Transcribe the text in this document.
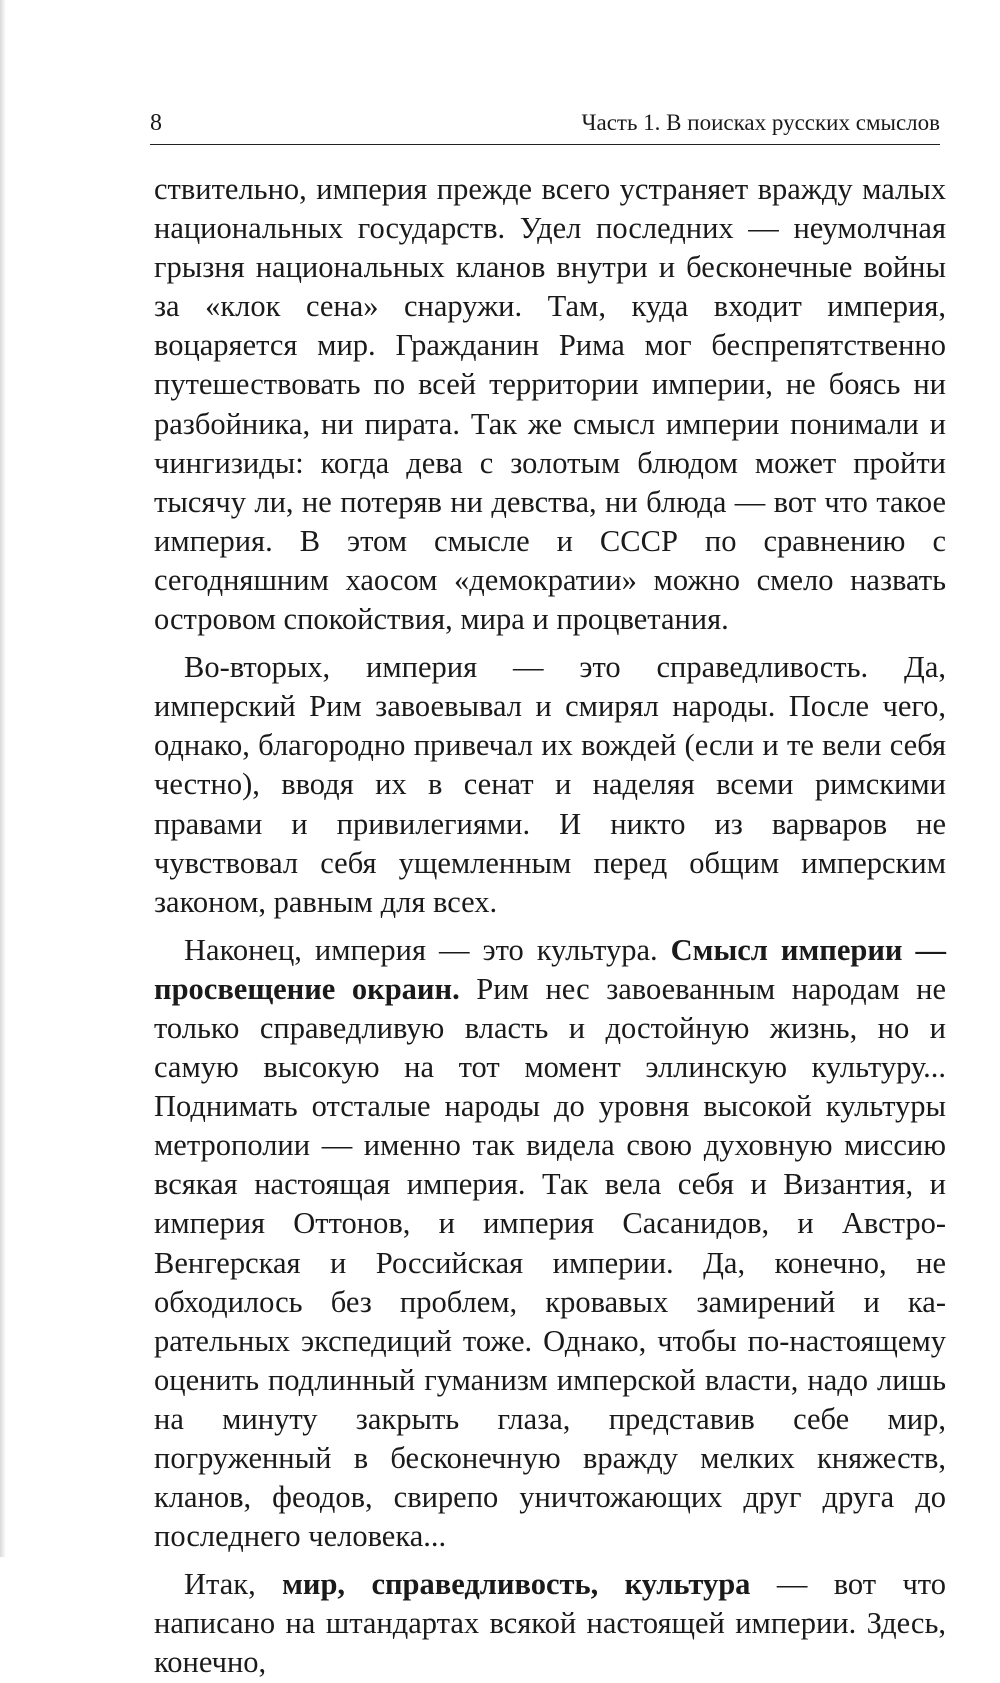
8	Часть 1. В поисках русских смыслов

ствительно, империя прежде всего устраняет вражду малых национальных государств. Удел последних — неумолчная грызня национальных кланов внутри и бесконечные войны за «клок сена» снаружи. Там, куда входит империя, воцаряется мир. Гражданин Рима мог беспрепятственно путешествовать по всей территории империи, не боясь ни разбойника, ни пирата. Так же смысл империи понимали и чингизиды: когда дева с золотым блюдом может пройти тысячу ли, не потеряв ни девства, ни блюда — вот что такое империя. В этом смысле и СССР по сравнению с сегодняшним хаосом «демократии» можно смело назвать островом спокойствия, мира и процветания.

Во-вторых, империя — это справедливость. Да, имперский Рим завоевывал и смирял народы. После чего, однако, благородно привечал их вождей (если и те вели себя честно), вводя их в сенат и наделяя всеми римскими правами и привилегиями. И никто из варваров не чувствовал себя ущемленным перед общим имперским законом, равным для всех.

Наконец, империя — это культура. Смысл империи — просвещение окраин. Рим нес завоеванным народам не только справедливую власть и достойную жизнь, но и самую высокую на тот момент эллинскую культуру... Поднимать отсталые народы до уровня высокой культуры метрополии — именно так видела свою духовную миссию всякая настоящая империя. Так вела себя и Византия, и империя Оттонов, и империя Сасанидов, и Австро-Венгерская и Российская империи. Да, конечно, не обходилось без проблем, кровавых замирений и карательных экспедиций тоже. Однако, чтобы по-настоящему оценить подлинный гуманизм имперской власти, надо лишь на минуту закрыть глаза, представив себе мир, погруженный в бесконечную вражду мелких княжеств, кланов, феодов, свирепо уничтожающих друг друга до последнего человека...

Итак, мир, справедливость, культура — вот что написано на штандартах всякой настоящей империи. Здесь, конечно,
